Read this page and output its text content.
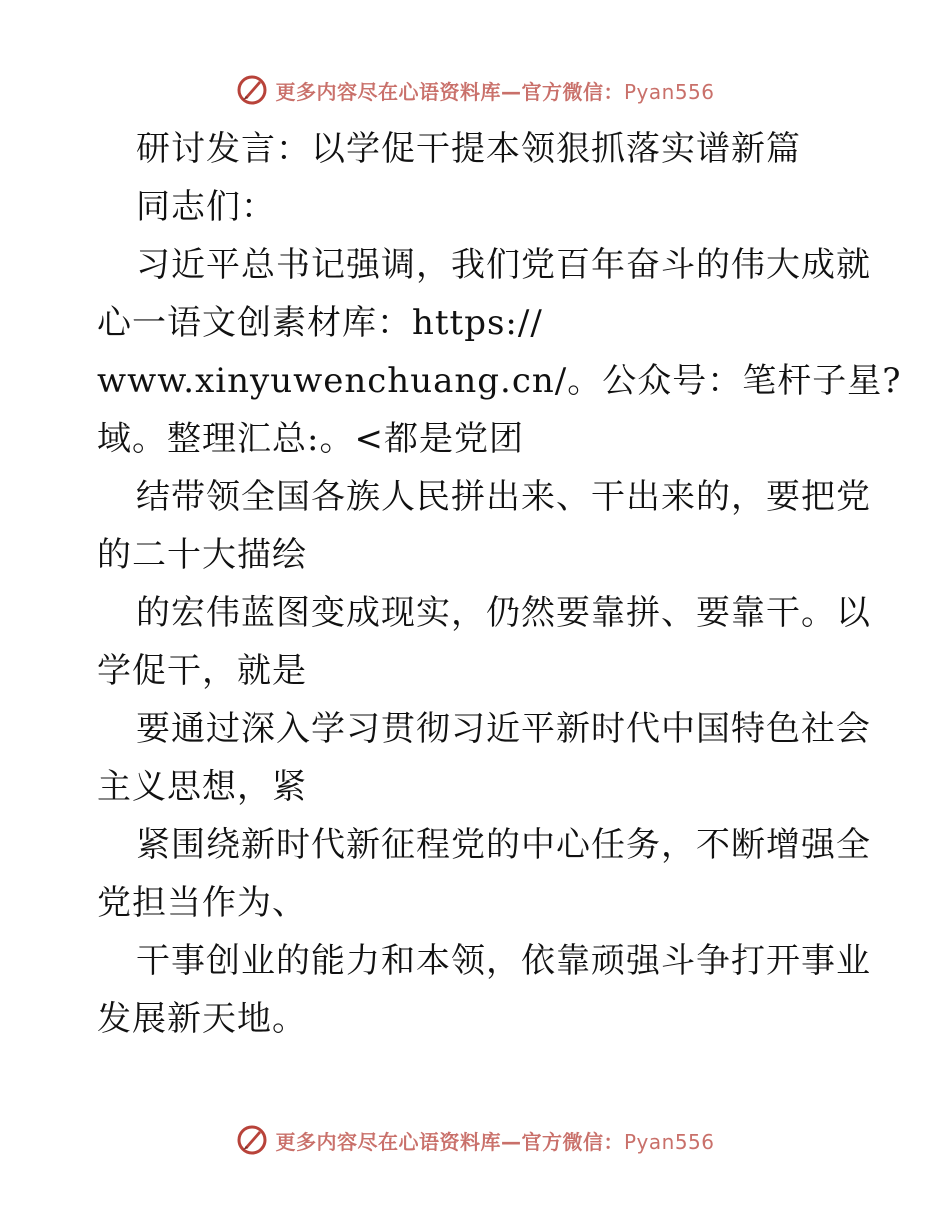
更多内容尽在心语资料库—官方微信：Pyan556
研讨发言：以学促干提本领狠抓落实谱新篇
同志们：
习近平总书记强调，我们党百年奋斗的伟大成就
心一语文创素材库：https://
www.xinyuwenchuang.cn/。公众号：笔杆子星?
域。整理汇总:。<都是党团
结带领全国各族人民拼出来、干出来的，要把党
的二十大描绘
的宏伟蓝图变成现实，仍然要靠拼、要靠干。以
学促干，就是
要通过深入学习贯彻习近平新时代中国特色社会
主义思想，紧
紧围绕新时代新征程党的中心任务，不断增强全
党担当作为、
干事创业的能力和本领，依靠顽强斗争打开事业
发展新天地。
更多内容尽在心语资料库—官方微信：Pyan556
